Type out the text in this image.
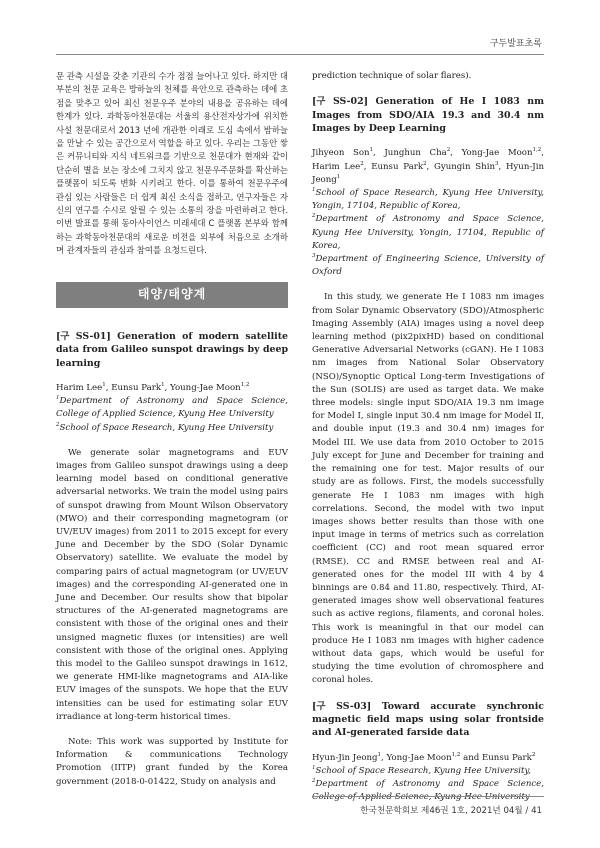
구두발표초록

문 관측 시설을 갖춘 기관의 수가 점점 늘어나고 있다. 하지만 대부분의 천문 교육은 방하늘의 천체를 육안으로 관측하는 데에 초점을 맞추고 있어 최신 천문우주 분야의 내용을 공유하는 데에 한계가 있다. 과학동아천문대는 서울의 용산전자상가에 위치한 사설 천문대로서 2013 년에 개관한 이래로 도심 속에서 밤하늘을 만날 수 있는 공간으로서 역할을 하고 있다. 우리는 그동안 쌓은 커뮤니티와 지식 네트워크를 기반으로 천문대가 현재와 같이 단순히 별을 보는 장소에 그치지 않고 천문우주문화를 확산하는 플랫폼이 되도록 변화 시키려고 한다. 이를 통하여 천문우주에 관심 있는 사람들은 더 쉽게 최신 소식을 접하고, 연구자들은 자신의 연구를 수시로 알릴 수 있는 소통의 장을 마련하려고 한다. 이번 발표를 통해 동아사이언스 미래세대 C 플랫폼 본부와 함께하는 과학동아천문대의 새로운 비전을 외부에 처음으로 소개하며 관계자들의 관심과 참여를 요청드린다.

태양/태양계

[구 SS-01] Generation of modern satellite data from Galileo sunspot drawings by deep learning

Harim Lee$^1$, Eunsu Park$^1$, Young-Jae Moon$^{1,2}$

$^1$Department of Astronomy and Space Science, College of Applied Science, Kyung Hee University

$^2$School of Space Research, Kyung Hee University

We generate solar magnetograms and EUV images from Galileo sunspot drawings using a deep learning model based on conditional generative adversarial networks. We train the model using pairs of sunspot drawing from Mount Wilson Observatory (MWO) and their corresponding magnetogram (or UV/EUV images) from 2011 to 2015 except for every June and December by the SDO (Solar Dynamic Observatory) satellite. We evaluate the model by comparing pairs of actual magnetogram (or UV/EUV images) and the corresponding AI-generated one in June and December. Our results show that bipolar structures of the AI-generated magnetograms are consistent with those of the original ones and their unsigned magnetic fluxes (or intensities) are well consistent with those of the original ones. Applying this model to the Galileo sunspot drawings in 1612, we generate HMI-like magnetograms and AIA-like EUV images of the sunspots. We hope that the EUV intensities can be used for estimating solar EUV irradiance at long-term historical times.

Note: This work was supported by Institute for Information & communications Technology Promotion (IITP) grant funded by the Korea government (2018-0-01422, Study on analysis and

prediction technique of solar flares).

[구 SS-02] Generation of He I 1083 nm Images from SDO/AIA 19.3 and 30.4 nm Images by Deep Learning

Jihyeon Son$^1$, Junghun Cha$^2$, Yong-Jae Moon$^{1,2}$, Harim Lee$^2$, Eunsu Park$^2$, Gyungin Shin$^3$, Hyun-Jin Jeong$^1$

$^1$School of Space Research, Kyung Hee University, Yongin, 17104, Republic of Korea,

$^2$Department of Astronomy and Space Science, Kyung Hee University, Yongin, 17104, Republic of Korea,

$^3$Department of Engineering Science, University of Oxford

In this study, we generate He I 1083 nm images from Solar Dynamic Observatory (SDO)/Atmospheric Imaging Assembly (AIA) images using a novel deep learning method (pix2pixHD) based on conditional Generative Adversarial Networks (cGAN). He I 1083 nm images from National Solar Observatory (NSO)/Synoptic Optical Long-term Investigations of the Sun (SOLIS) are used as target data. We make three models: single input SDO/AIA 19.3 nm image for Model I, single input 30.4 nm image for Model II, and double input (19.3 and 30.4 nm) images for Model III. We use data from 2010 October to 2015 July except for June and December for training and the remaining one for test. Major results of our study are as follows. First, the models successfully generate He I 1083 nm images with high correlations. Second, the model with two input images shows better results than those with one input image in terms of metrics such as correlation coefficient (CC) and root mean squared error (RMSE). CC and RMSE between real and AI-generated ones for the model III with 4 by 4 binnings are 0.84 and 11.80, respectively. Third, AI-generated images show well observational features such as active regions, filaments, and coronal holes. This work is meaningful in that our model can produce He I 1083 nm images with higher cadence without data gaps, which would be useful for studying the time evolution of chromosphere and coronal holes.

[구 SS-03] Toward accurate synchronic magnetic field maps using solar frontside and AI-generated farside data

Hyun-Jin Jeong$^1$, Yong-Jae Moon$^{1,2}$ and Eunsu Park$^2$

$^1$School of Space Research, Kyung Hee University,

$^2$Department of Astronomy and Space Science, College of Applied Science, Kyung Hee University

한국천문학회보 제46권 1호, 2021년 04월 / 41
